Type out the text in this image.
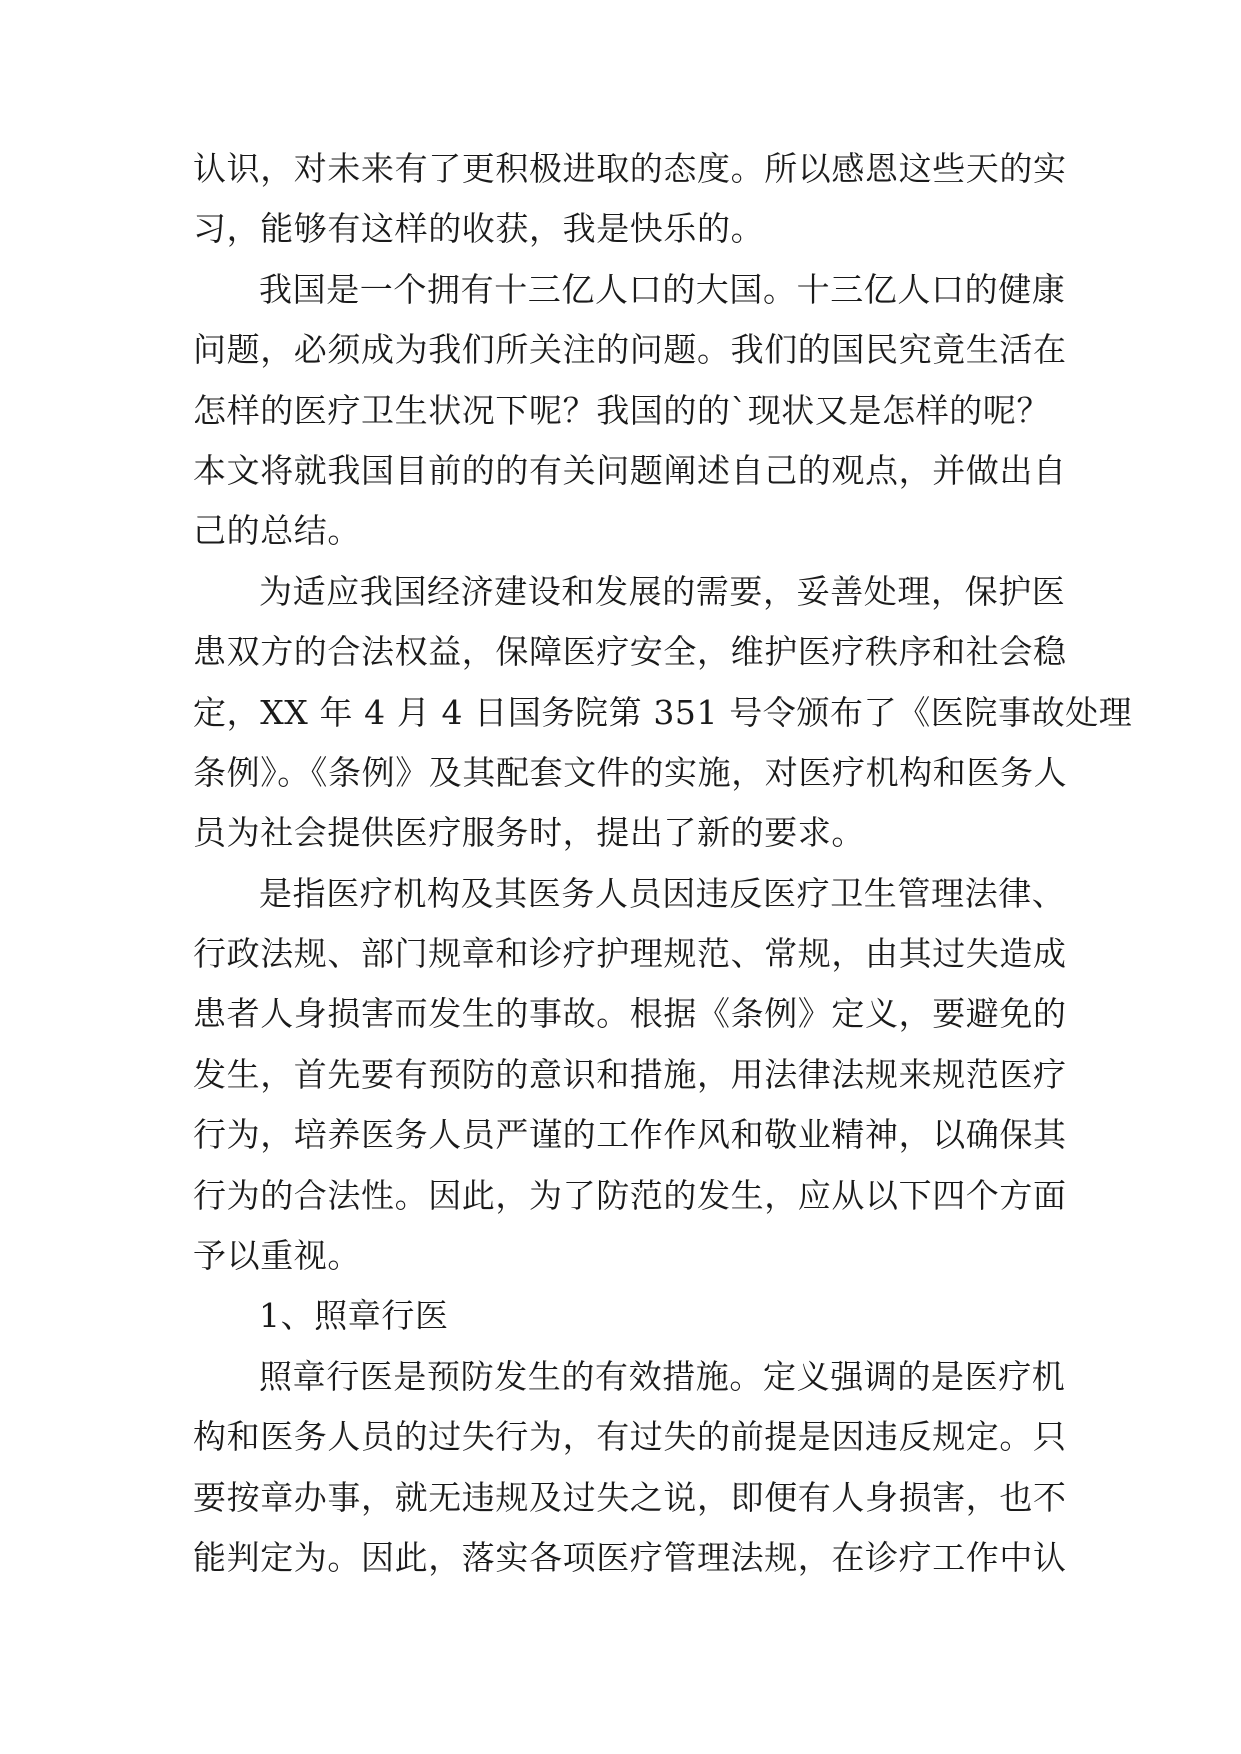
认识，对未来有了更积极进取的态度。所以感恩这些天的实
习，能够有这样的收获，我是快乐的。
我国是一个拥有十三亿人口的大国。十三亿人口的健康
问题，必须成为我们所关注的问题。我们的国民究竟生活在
怎样的医疗卫生状况下呢？我国的的`现状又是怎样的呢？
本文将就我国目前的的有关问题阐述自己的观点，并做出自
己的总结。
为适应我国经济建设和发展的需要，妥善处理，保护医
患双方的合法权益，保障医疗安全，维护医疗秩序和社会稳
定，XX 年 4 月 4 日国务院第 351 号令颁布了《医院事故处理
条例》。《条例》及其配套文件的实施，对医疗机构和医务人
员为社会提供医疗服务时，提出了新的要求。
是指医疗机构及其医务人员因违反医疗卫生管理法律、
行政法规、部门规章和诊疗护理规范、常规，由其过失造成
患者人身损害而发生的事故。根据《条例》定义，要避免的
发生，首先要有预防的意识和措施，用法律法规来规范医疗
行为，培养医务人员严谨的工作作风和敬业精神，以确保其
行为的合法性。因此，为了防范的发生，应从以下四个方面
予以重视。
1、照章行医
照章行医是预防发生的有效措施。定义强调的是医疗机
构和医务人员的过失行为，有过失的前提是因违反规定。只
要按章办事，就无违规及过失之说，即便有人身损害，也不
能判定为。因此，落实各项医疗管理法规，在诊疗工作中认
